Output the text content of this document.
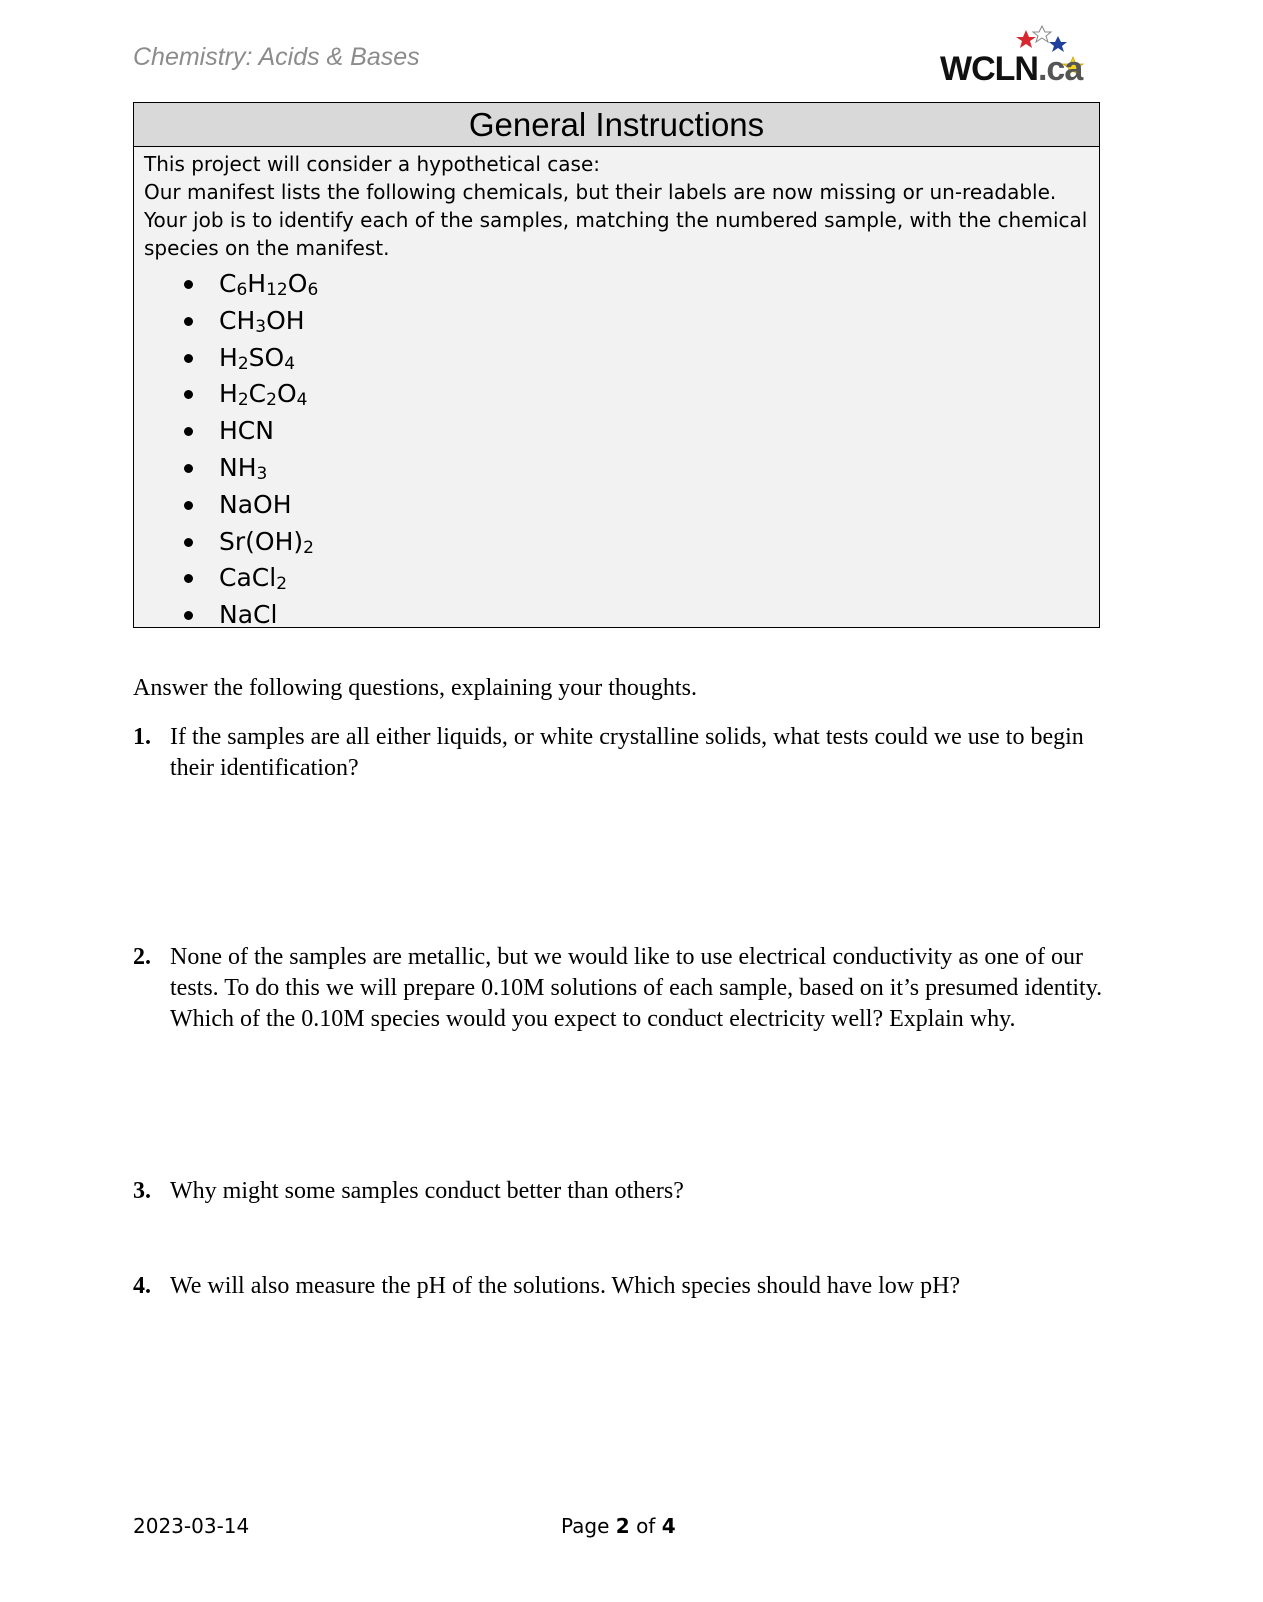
Chemistry: Acids & Bases	WCLN.ca
General Instructions

This project will consider a hypothetical case:

Our manifest lists the following chemicals, but their labels are now missing or un-readable. Your job is to identify each of the samples, matching the numbered sample, with the chemical species on the manifest.

$C_6H_{12}O_6$
$CH_3OH$
$H_2SO_4$
$H_2C_2O_4$
HCN
$NH_3$
NaOH
$Sr(OH)_2$
CaCl$_2$
NaCl
Answer the following questions, explaining your thoughts.
1. If the samples are all either liquids, or white crystalline solids, what tests could we use to begin their identification?
2. None of the samples are metallic, but we would like to use electrical conductivity as one of our tests. To do this we will prepare 0.10M solutions of each sample, based on it’s presumed identity. Which of the 0.10M species would you expect to conduct electricity well? Explain why.
3. Why might some samples conduct better than others?
4. We will also measure the pH of the solutions. Which species should have low pH?
2023-03-14	Page 2 of 4
